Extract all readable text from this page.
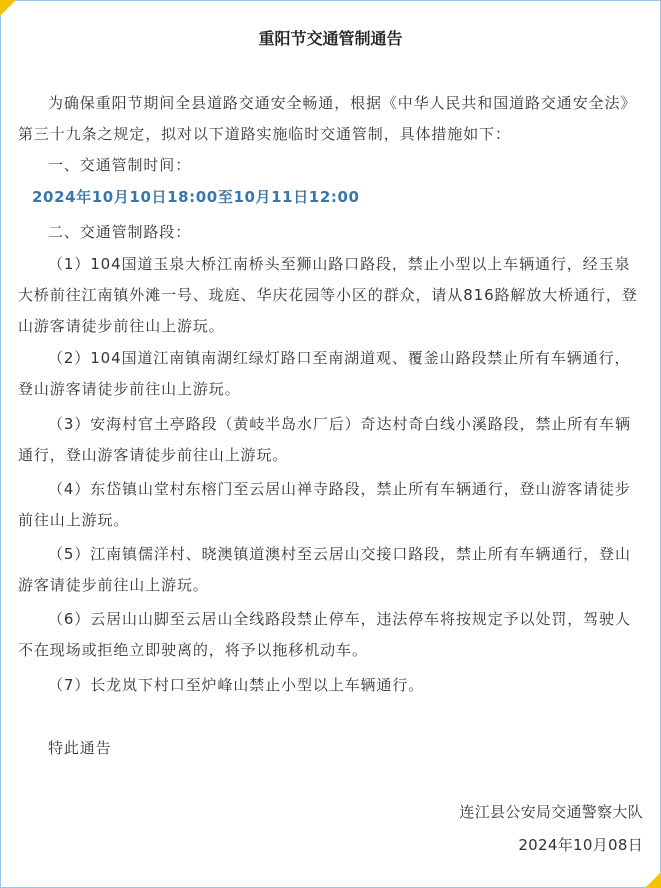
重阳节交通管制通告

为确保重阳节期间全县道路交通安全畅通，根据《中华人民共和国道路交通安全法》第三十九条之规定，拟对以下道路实施临时交通管制，具体措施如下：

一、交通管制时间：

2024年10月10日18:00至10月11日12:00

二、交通管制路段：

（1）104国道玉泉大桥江南桥头至狮山路口路段，禁止小型以上车辆通行，经玉泉大桥前往江南镇外滩一号、珑庭、华庆花园等小区的群众，请从816路解放大桥通行，登山游客请徒步前往山上游玩。

（2）104国道江南镇南湖红绿灯路口至南湖道观、覆釜山路段禁止所有车辆通行，登山游客请徒步前往山上游玩。

（3）安海村官土亭路段（黄岐半岛水厂后）奇达村奇白线小溪路段，禁止所有车辆通行，登山游客请徒步前往山上游玩。

（4）东岱镇山堂村东榕门至云居山禅寺路段，禁止所有车辆通行，登山游客请徒步前往山上游玩。

（5）江南镇儒洋村、晓澳镇道澳村至云居山交接口路段，禁止所有车辆通行，登山游客请徒步前往山上游玩。

（6）云居山山脚至云居山全线路段禁止停车，违法停车将按规定予以处罚，驾驶人不在现场或拒绝立即驶离的，将予以拖移机动车。

（7）长龙岚下村口至炉峰山禁止小型以上车辆通行。

特此通告

连江县公安局交通警察大队

2024年10月08日
